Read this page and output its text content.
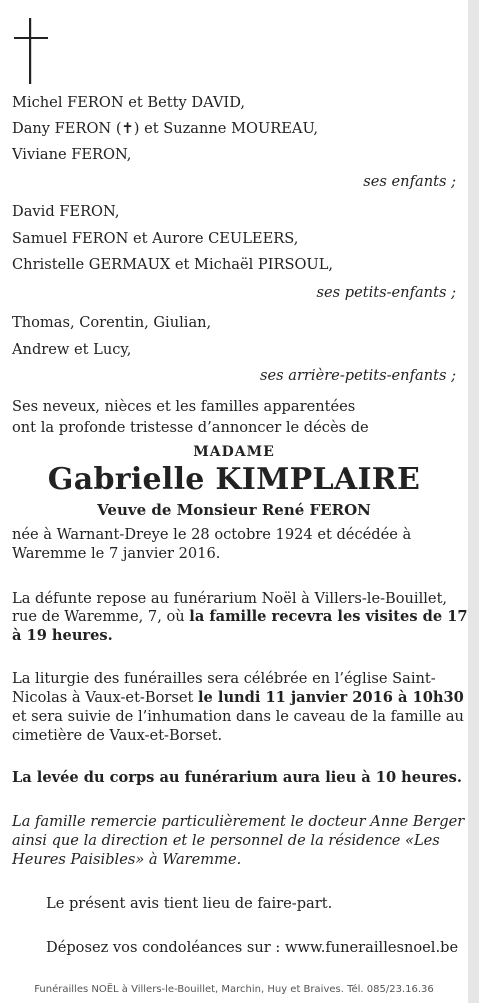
Michel FERON et Betty DAVID,
Dany FERON (✝) et Suzanne MOUREAU,
Viviane FERON,
ses enfants ;
David FERON,
Samuel FERON et Aurore CEULEERS,
Christelle GERMAUX et Michaël PIRSOUL,
ses petits-enfants ;
Thomas, Corentin, Giulian,
Andrew et Lucy,
ses arrière-petits-enfants ;
Ses neveux, nièces et les familles apparentées
ont la profonde tristesse d’annoncer le décès de
MADAME
Gabrielle KIMPLAIRE
Veuve de Monsieur René FERON
née à Warnant-Dreye le 28 octobre 1924 et décédée à
Waremme le 7 janvier 2016.
La défunte repose au funérarium Noël à Villers-le-Bouillet,
rue de Waremme, 7, où la famille recevra les visites de 17
à 19 heures.
La liturgie des funérailles sera célébrée en l’église Saint-
Nicolas à Vaux-et-Borset le lundi 11 janvier 2016 à 10h30
et sera suivie de l’inhumation dans le caveau de la famille au
cimetière de Vaux-et-Borset.
La levée du corps au funérarium aura lieu à 10 heures.
La famille remercie particulièrement le docteur Anne Berger
ainsi que la direction et le personnel de la résidence «Les
Heures Paisibles» à Waremme.
Le présent avis tient lieu de faire-part.
Déposez vos condoléances sur : www.funeraillesnoel.be
Funérailles NOËL à Villers-le-Bouillet, Marchin, Huy et Braives. Tél. 085/23.16.36
